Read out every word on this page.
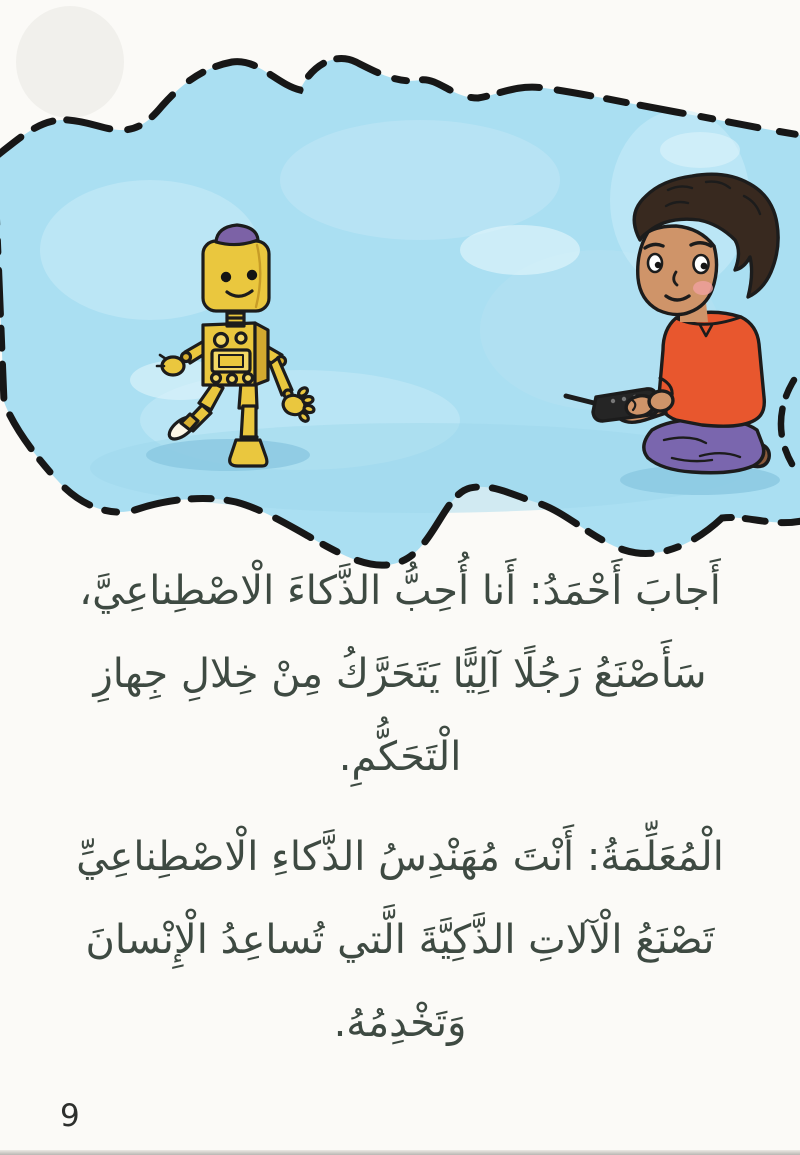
أَجابَ أَحْمَدُ: أَنا أُحِبُّ الذَّكاءَ الْاصْطِناعِيَّ،
سَأَصْنَعُ رَجُلًا آلِيًّا يَتَحَرَّكُ مِنْ خِلالِ جِهازِ
الْتَحَكُّمِ.

الْمُعَلِّمَةُ: أَنْتَ مُهَنْدِسُ الذَّكاءِ الْاصْطِناعِيِّ
تَصْنَعُ الْآلاتِ الذَّكِيَّةَ الَّتي تُساعِدُ الْإِنْسانَ
وَتَخْدِمُهُ.

9
